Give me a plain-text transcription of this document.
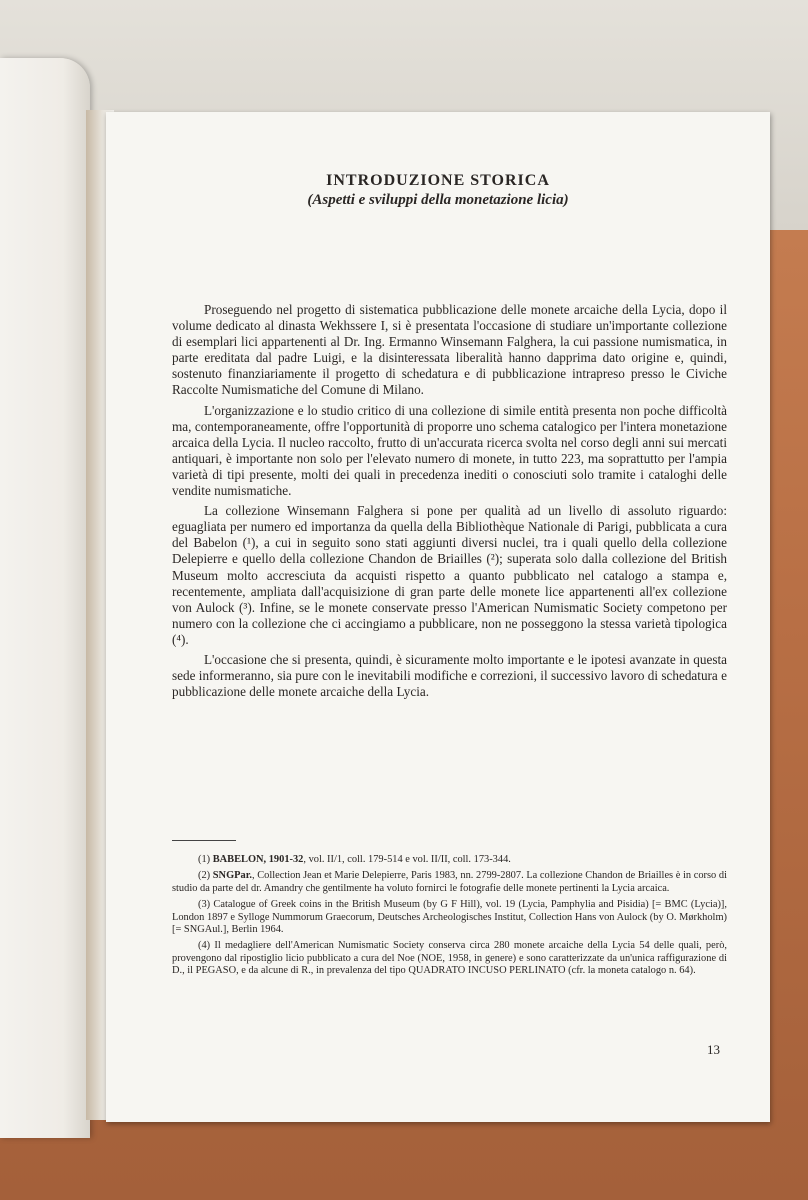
INTRODUZIONE STORICA
(Aspetti e sviluppi della monetazione licia)

Proseguendo nel progetto di sistematica pubblicazione delle monete arcaiche della Lycia, dopo il volume dedicato al dinasta Wekhssere I, si è presentata l'occasione di studiare un'importante collezione di esemplari lici appartenenti al Dr. Ing. Ermanno Winsemann Falghera, la cui passione numismatica, in parte ereditata dal padre Luigi, e la disinteressata liberalità hanno dapprima dato origine e, quindi, sostenuto finanziariamente il progetto di schedatura e di pubblicazione intrapreso presso le Civiche Raccolte Numismatiche del Comune di Milano.

L'organizzazione e lo studio critico di una collezione di simile entità presenta non poche difficoltà ma, contemporaneamente, offre l'opportunità di proporre uno schema catalogico per l'intera monetazione arcaica della Lycia. Il nucleo raccolto, frutto di un'accurata ricerca svolta nel corso degli anni sui mercati antiquari, è importante non solo per l'elevato numero di monete, in tutto 223, ma soprattutto per l'ampia varietà di tipi presente, molti dei quali in precedenza inediti o conosciuti solo tramite i cataloghi delle vendite numismatiche.

La collezione Winsemann Falghera si pone per qualità ad un livello di assoluto riguardo: eguagliata per numero ed importanza da quella della Bibliothèque Nationale di Parigi, pubblicata a cura del Babelon (¹), a cui in seguito sono stati aggiunti diversi nuclei, tra i quali quello della collezione Delepierre e quello della collezione Chandon de Briailles (²); superata solo dalla collezione del British Museum molto accresciuta da acquisti rispetto a quanto pubblicato nel catalogo a stampa e, recentemente, ampliata dall'acquisizione di gran parte delle monete lice appartenenti all'ex collezione von Aulock (³). Infine, se le monete conservate presso l'American Numismatic Society competono per numero con la collezione che ci accingiamo a pubblicare, non ne posseggono la stessa varietà tipologica (⁴).

L'occasione che si presenta, quindi, è sicuramente molto importante e le ipotesi avanzate in questa sede informeranno, sia pure con le inevitabili modifiche e correzioni, il successivo lavoro di schedatura e pubblicazione delle monete arcaiche della Lycia.

(1) BABELON, 1901-32, vol. II/1, coll. 179-514 e vol. II/II, coll. 173-344.

(2) SNGPar., Collection Jean et Marie Delepierre, Paris 1983, nn. 2799-2807. La collezione Chandon de Briailles è in corso di studio da parte del dr. Amandry che gentilmente ha voluto fornirci le fotografie delle monete pertinenti la Lycia arcaica.

(3) Catalogue of Greek coins in the British Museum (by G F Hill), vol. 19 (Lycia, Pamphylia and Pisidia) [= BMC (Lycia)], London 1897 e Sylloge Nummorum Graecorum, Deutsches Archeologisches Institut, Collection Hans von Aulock (by O. Mørkholm) [= SNGAul.], Berlin 1964.

(4) Il medagliere dell'American Numismatic Society conserva circa 280 monete arcaiche della Lycia 54 delle quali, però, provengono dal ripostiglio licio pubblicato a cura del Noe (NOE, 1958, in genere) e sono caratterizzate da un'unica raffigurazione di D., il PEGASO, e da alcune di R., in prevalenza del tipo QUADRATO INCUSO PERLINATO (cfr. la moneta catalogo n. 64).

13
